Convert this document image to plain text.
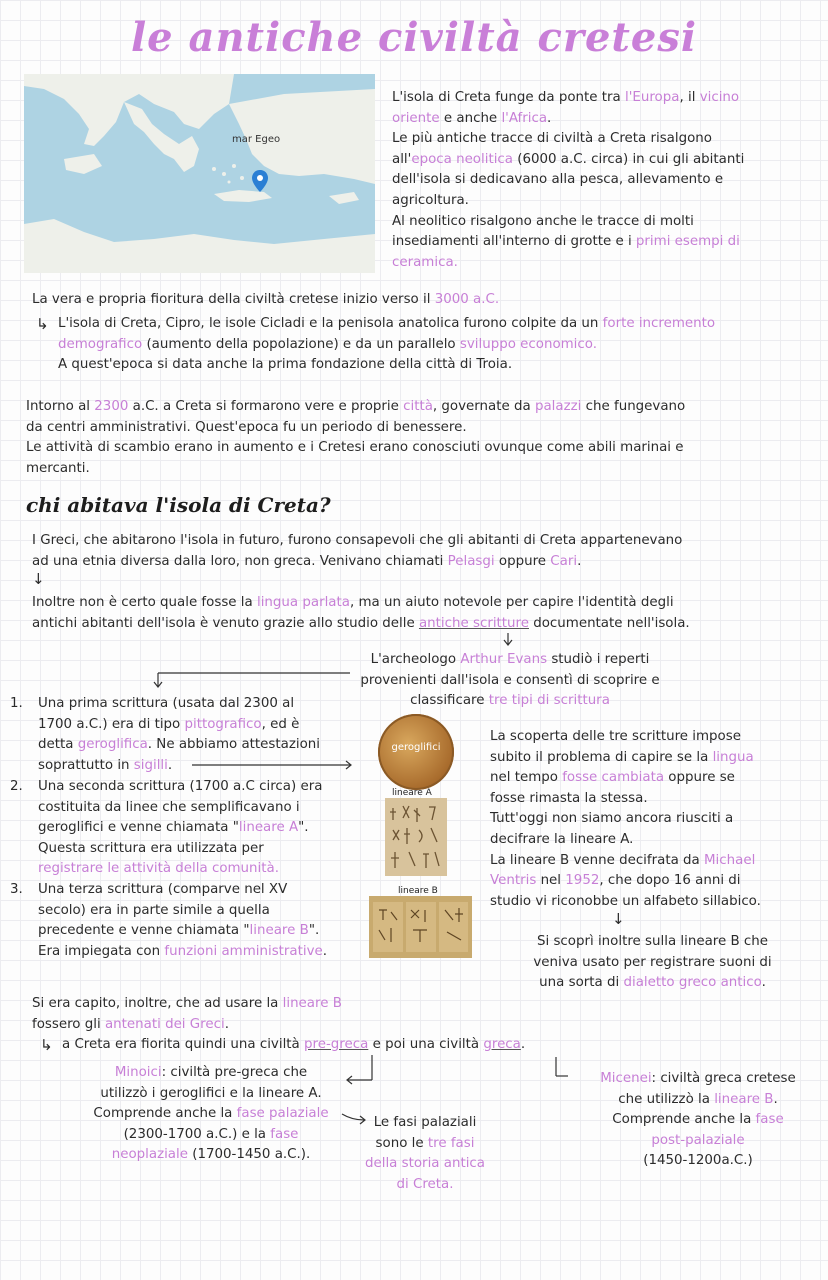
le antiche civiltà cretesi
mar Egeo
L'isola di Creta funge da ponte tra l'Europa, il vicino
oriente e anche l'Africa.
Le più antiche tracce di civiltà a Creta risalgono
all'epoca neolitica (6000 a.C. circa) in cui gli abitanti
dell'isola si dedicavano alla pesca, allevamento e
agricoltura.
Al neolitico risalgono anche le tracce di molti
insediamenti all'interno di grotte e i primi esempi di
ceramica.
La vera e propria fioritura della civiltà cretese inizio verso il 3000 a.C.
↳ L'isola di Creta, Cipro, le isole Cicladi e la penisola anatolica furono colpite da un forte incremento
demografico (aumento della popolazione) e da un parallelo sviluppo economico.
A quest'epoca si data anche la prima fondazione della città di Troia.
Intorno al 2300 a.C. a Creta si formarono vere e proprie città, governate da palazzi che fungevano
da centri amministrativi. Quest'epoca fu un periodo di benessere.
Le attività di scambio erano in aumento e i Cretesi erano conosciuti ovunque come abili marinai e
mercanti.
chi abitava l'isola di Creta?
I Greci, che abitarono l'isola in futuro, furono consapevoli che gli abitanti di Creta appartenevano
ad una etnia diversa dalla loro, non greca. Venivano chiamati Pelasgi oppure Cari.
↓
Inoltre non è certo quale fosse la lingua parlata, ma un aiuto notevole per capire l'identità degli
antichi abitanti dell'isola è venuto grazie allo studio delle antiche scritture documentate nell'isola.
L'archeologo Arthur Evans studiò i reperti
provenienti dall'isola e consentì di scoprire e
classificare tre tipi di scrittura
1. Una prima scrittura (usata dal 2300 al
1700 a.C.) era di tipo pittografico, ed è
detta geroglifica. Ne abbiamo attestazioni
soprattutto in sigilli.
2. Una seconda scrittura (1700 a.C circa) era
costituita da linee che semplificavano i
geroglifici e venne chiamata "lineare A".
Questa scrittura era utilizzata per
registrare le attività della comunità.
3. Una terza scrittura (comparve nel XV
secolo) era in parte simile a quella
precedente e venne chiamata "lineare B".
Era impiegata con funzioni amministrative.
geroglifici
lineare A
lineare B
La scoperta delle tre scritture impose
subito il problema di capire se la lingua
nel tempo fosse cambiata oppure se
fosse rimasta la stessa.
Tutt'oggi non siamo ancora riusciti a
decifrare la lineare A.
La lineare B venne decifrata da Michael
Ventris nel 1952, che dopo 16 anni di
studio vi riconobbe un alfabeto sillabico.
↓
Si scoprì inoltre sulla lineare B che
veniva usato per registrare suoni di
una sorta di dialetto greco antico.
Si era capito, inoltre, che ad usare la lineare B
fossero gli antenati dei Greci.
↳ a Creta era fiorita quindi una civiltà pre-greca e poi una civiltà greca.
Minoici: civiltà pre-greca che
utilizzò i geroglifici e la lineare A.
Comprende anche la fase palaziale
(2300-1700 a.C.) e la fase
neoplaziale (1700-1450 a.C.).
Le fasi palaziali
sono le tre fasi
della storia antica
di Creta.
Micenei: civiltà greca cretese
che utilizzò la lineare B.
Comprende anche la fase
post-palaziale
(1450-1200a.C.)
